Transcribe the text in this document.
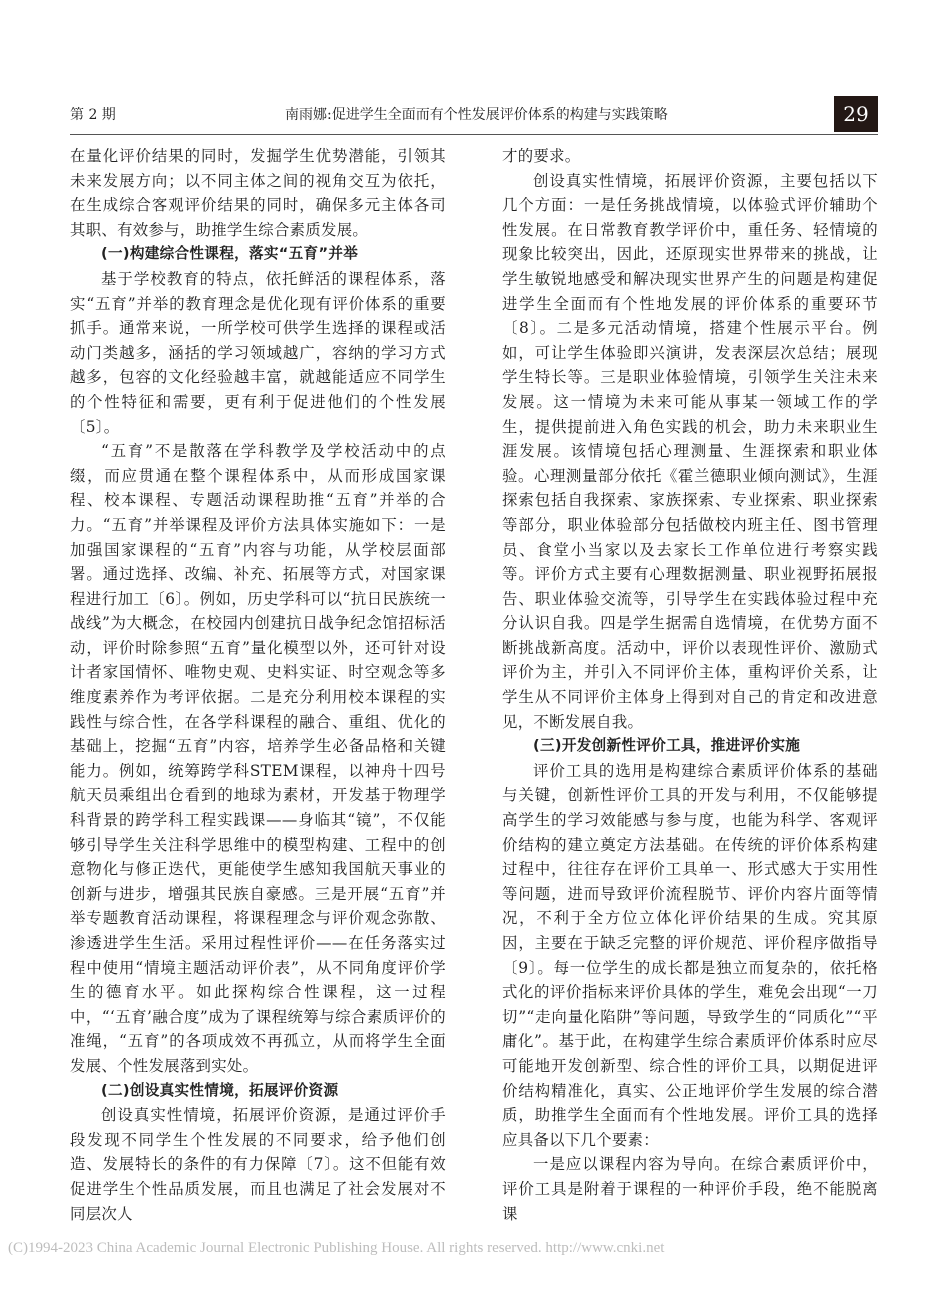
第 2 期	南雨娜:促进学生全面而有个性发展评价体系的构建与实践策略	29

在量化评价结果的同时，发掘学生优势潜能，引领其未来发展方向；以不同主体之间的视角交互为依托，在生成综合客观评价结果的同时，确保多元主体各司其职、有效参与，助推学生综合素质发展。

(一)构建综合性课程，落实“五育”并举

基于学校教育的特点，依托鲜活的课程体系，落实“五育”并举的教育理念是优化现有评价体系的重要抓手。通常来说，一所学校可供学生选择的课程或活动门类越多，涵括的学习领域越广，容纳的学习方式越多，包容的文化经验越丰富，就越能适应不同学生的个性特征和需要，更有利于促进他们的个性发展〔5〕。

“五育”不是散落在学科教学及学校活动中的点缀，而应贯通在整个课程体系中，从而形成国家课程、校本课程、专题活动课程助推“五育”并举的合力。“五育”并举课程及评价方法具体实施如下：一是加强国家课程的“五育”内容与功能，从学校层面部署。通过选择、改编、补充、拓展等方式，对国家课程进行加工〔6〕。例如，历史学科可以“抗日民族统一战线”为大概念，在校园内创建抗日战争纪念馆招标活动，评价时除参照“五育”量化模型以外，还可针对设计者家国情怀、唯物史观、史料实证、时空观念等多维度素养作为考评依据。二是充分利用校本课程的实践性与综合性，在各学科课程的融合、重组、优化的基础上，挖掘“五育”内容，培养学生必备品格和关键能力。例如，统筹跨学科STEM课程，以神舟十四号航天员乘组出仓看到的地球为素材，开发基于物理学科背景的跨学科工程实践课——身临其“镜”，不仅能够引导学生关注科学思维中的模型构建、工程中的创意物化与修正迭代，更能使学生感知我国航天事业的创新与进步，增强其民族自豪感。三是开展“五育”并举专题教育活动课程，将课程理念与评价观念弥散、渗透进学生生活。采用过程性评价——在任务落实过程中使用“情境主题活动评价表”，从不同角度评价学生的德育水平。如此探构综合性课程，这一过程中，“‘五育’融合度”成为了课程统筹与综合素质评价的准绳，“五育”的各项成效不再孤立，从而将学生全面发展、个性发展落到实处。

(二)创设真实性情境，拓展评价资源

创设真实性情境，拓展评价资源，是通过评价手段发现不同学生个性发展的不同要求，给予他们创造、发展特长的条件的有力保障〔7〕。这不但能有效促进学生个性品质发展，而且也满足了社会发展对不同层次人

才的要求。

创设真实性情境，拓展评价资源，主要包括以下几个方面：一是任务挑战情境，以体验式评价辅助个性发展。在日常教育教学评价中，重任务、轻情境的现象比较突出，因此，还原现实世界带来的挑战，让学生敏锐地感受和解决现实世界产生的问题是构建促进学生全面而有个性地发展的评价体系的重要环节〔8〕。二是多元活动情境，搭建个性展示平台。例如，可让学生体验即兴演讲，发表深层次总结；展现学生特长等。三是职业体验情境，引领学生关注未来发展。这一情境为未来可能从事某一领域工作的学生，提供提前进入角色实践的机会，助力未来职业生涯发展。该情境包括心理测量、生涯探索和职业体验。心理测量部分依托《霍兰德职业倾向测试》，生涯探索包括自我探索、家族探索、专业探索、职业探索等部分，职业体验部分包括做校内班主任、图书管理员、食堂小当家以及去家长工作单位进行考察实践等。评价方式主要有心理数据测量、职业视野拓展报告、职业体验交流等，引导学生在实践体验过程中充分认识自我。四是学生据需自选情境，在优势方面不断挑战新高度。活动中，评价以表现性评价、激励式评价为主，并引入不同评价主体，重构评价关系，让学生从不同评价主体身上得到对自己的肯定和改进意见，不断发展自我。

(三)开发创新性评价工具，推进评价实施

评价工具的选用是构建综合素质评价体系的基础与关键，创新性评价工具的开发与利用，不仅能够提高学生的学习效能感与参与度，也能为科学、客观评价结构的建立奠定方法基础。在传统的评价体系构建过程中，往往存在评价工具单一、形式感大于实用性等问题，进而导致评价流程脱节、评价内容片面等情况，不利于全方位立体化评价结果的生成。究其原因，主要在于缺乏完整的评价规范、评价程序做指导〔9〕。每一位学生的成长都是独立而复杂的，依托格式化的评价指标来评价具体的学生，难免会出现“一刀切”“走向量化陷阱”等问题，导致学生的“同质化”“平庸化”。基于此，在构建学生综合素质评价体系时应尽可能地开发创新型、综合性的评价工具，以期促进评价结构精准化，真实、公正地评价学生发展的综合潜质，助推学生全面而有个性地发展。评价工具的选择应具备以下几个要素：

一是应以课程内容为导向。在综合素质评价中，评价工具是附着于课程的一种评价手段，绝不能脱离课

(C)1994-2023 China Academic Journal Electronic Publishing House. All rights reserved. http://www.cnki.net
